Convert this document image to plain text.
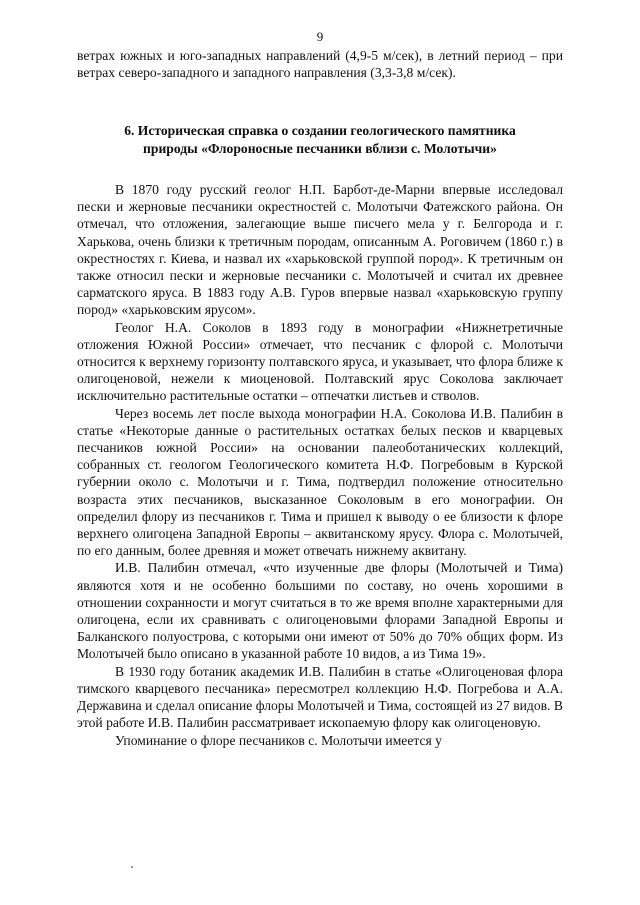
9
ветрах южных и юго-западных направлений (4,9-5 м/сек), в летний период – при ветрах северо-западного и западного направления (3,3-3,8 м/сек).
6. Историческая справка о создании геологического памятника
природы «Флороносные песчаники вблизи с. Молотычи»

В 1870 году русский геолог Н.П. Барбот-де-Марни впервые исследовал пески и жерновые песчаники окрестностей с. Молотычи Фатежского района. Он отмечал, что отложения, залегающие выше писчего мела у г. Белгорода и г. Харькова, очень близки к третичным породам, описанным А. Роговичем (1860 г.) в окрестностях г. Киева, и назвал их «харьковской группой пород». К третичным он также относил пески и жерновые песчаники с. Молотычей и считал их древнее сарматского яруса. В 1883 году А.В. Гуров впервые назвал «харьковскую группу пород» «харьковским ярусом».

Геолог Н.А. Соколов в 1893 году в монографии «Нижнетретичные отложения Южной России» отмечает, что песчаник с флорой с. Молотычи относится к верхнему горизонту полтавского яруса, и указывает, что флора ближе к олигоценовой, нежели к миоценовой. Полтавский ярус Соколова заключает исключительно растительные остатки – отпечатки листьев и стволов.

Через восемь лет после выхода монографии Н.А. Соколова И.В. Палибин в статье «Некоторые данные о растительных остатках белых песков и кварцевых песчаников южной России» на основании палеоботанических коллекций, собранных ст. геологом Геологического комитета Н.Ф. Погребовым в Курской губернии около с. Молотычи и г. Тима, подтвердил положение относительно возраста этих песчаников, высказанное Соколовым в его монографии. Он определил флору из песчаников г. Тима и пришел к выводу о ее близости к флоре верхнего олигоцена Западной Европы – аквитанскому ярусу. Флора с. Молотычей, по его данным, более древняя и может отвечать нижнему аквитану.

И.В. Палибин отмечал, «что изученные две флоры (Молотычей и Тима) являются хотя и не особенно большими по составу, но очень хорошими в отношении сохранности и могут считаться в то же время вполне характерными для олигоцена, если их сравнивать с олигоценовыми флорами Западной Европы и Балканского полуострова, с которыми они имеют от 50% до 70% общих форм. Из Молотычей было описано в указанной работе 10 видов, а из Тима 19».

В 1930 году ботаник академик И.В. Палибин в статье «Олигоценовая флора тимского кварцевого песчаника» пересмотрел коллекцию Н.Ф. Погребова и А.А. Державина и сделал описание флоры Молотычей и Тима, состоящей из 27 видов. В этой работе И.В. Палибин рассматривает ископаемую флору как олигоценовую.

Упоминание о флоре песчаников с. Молотычи имеется у
